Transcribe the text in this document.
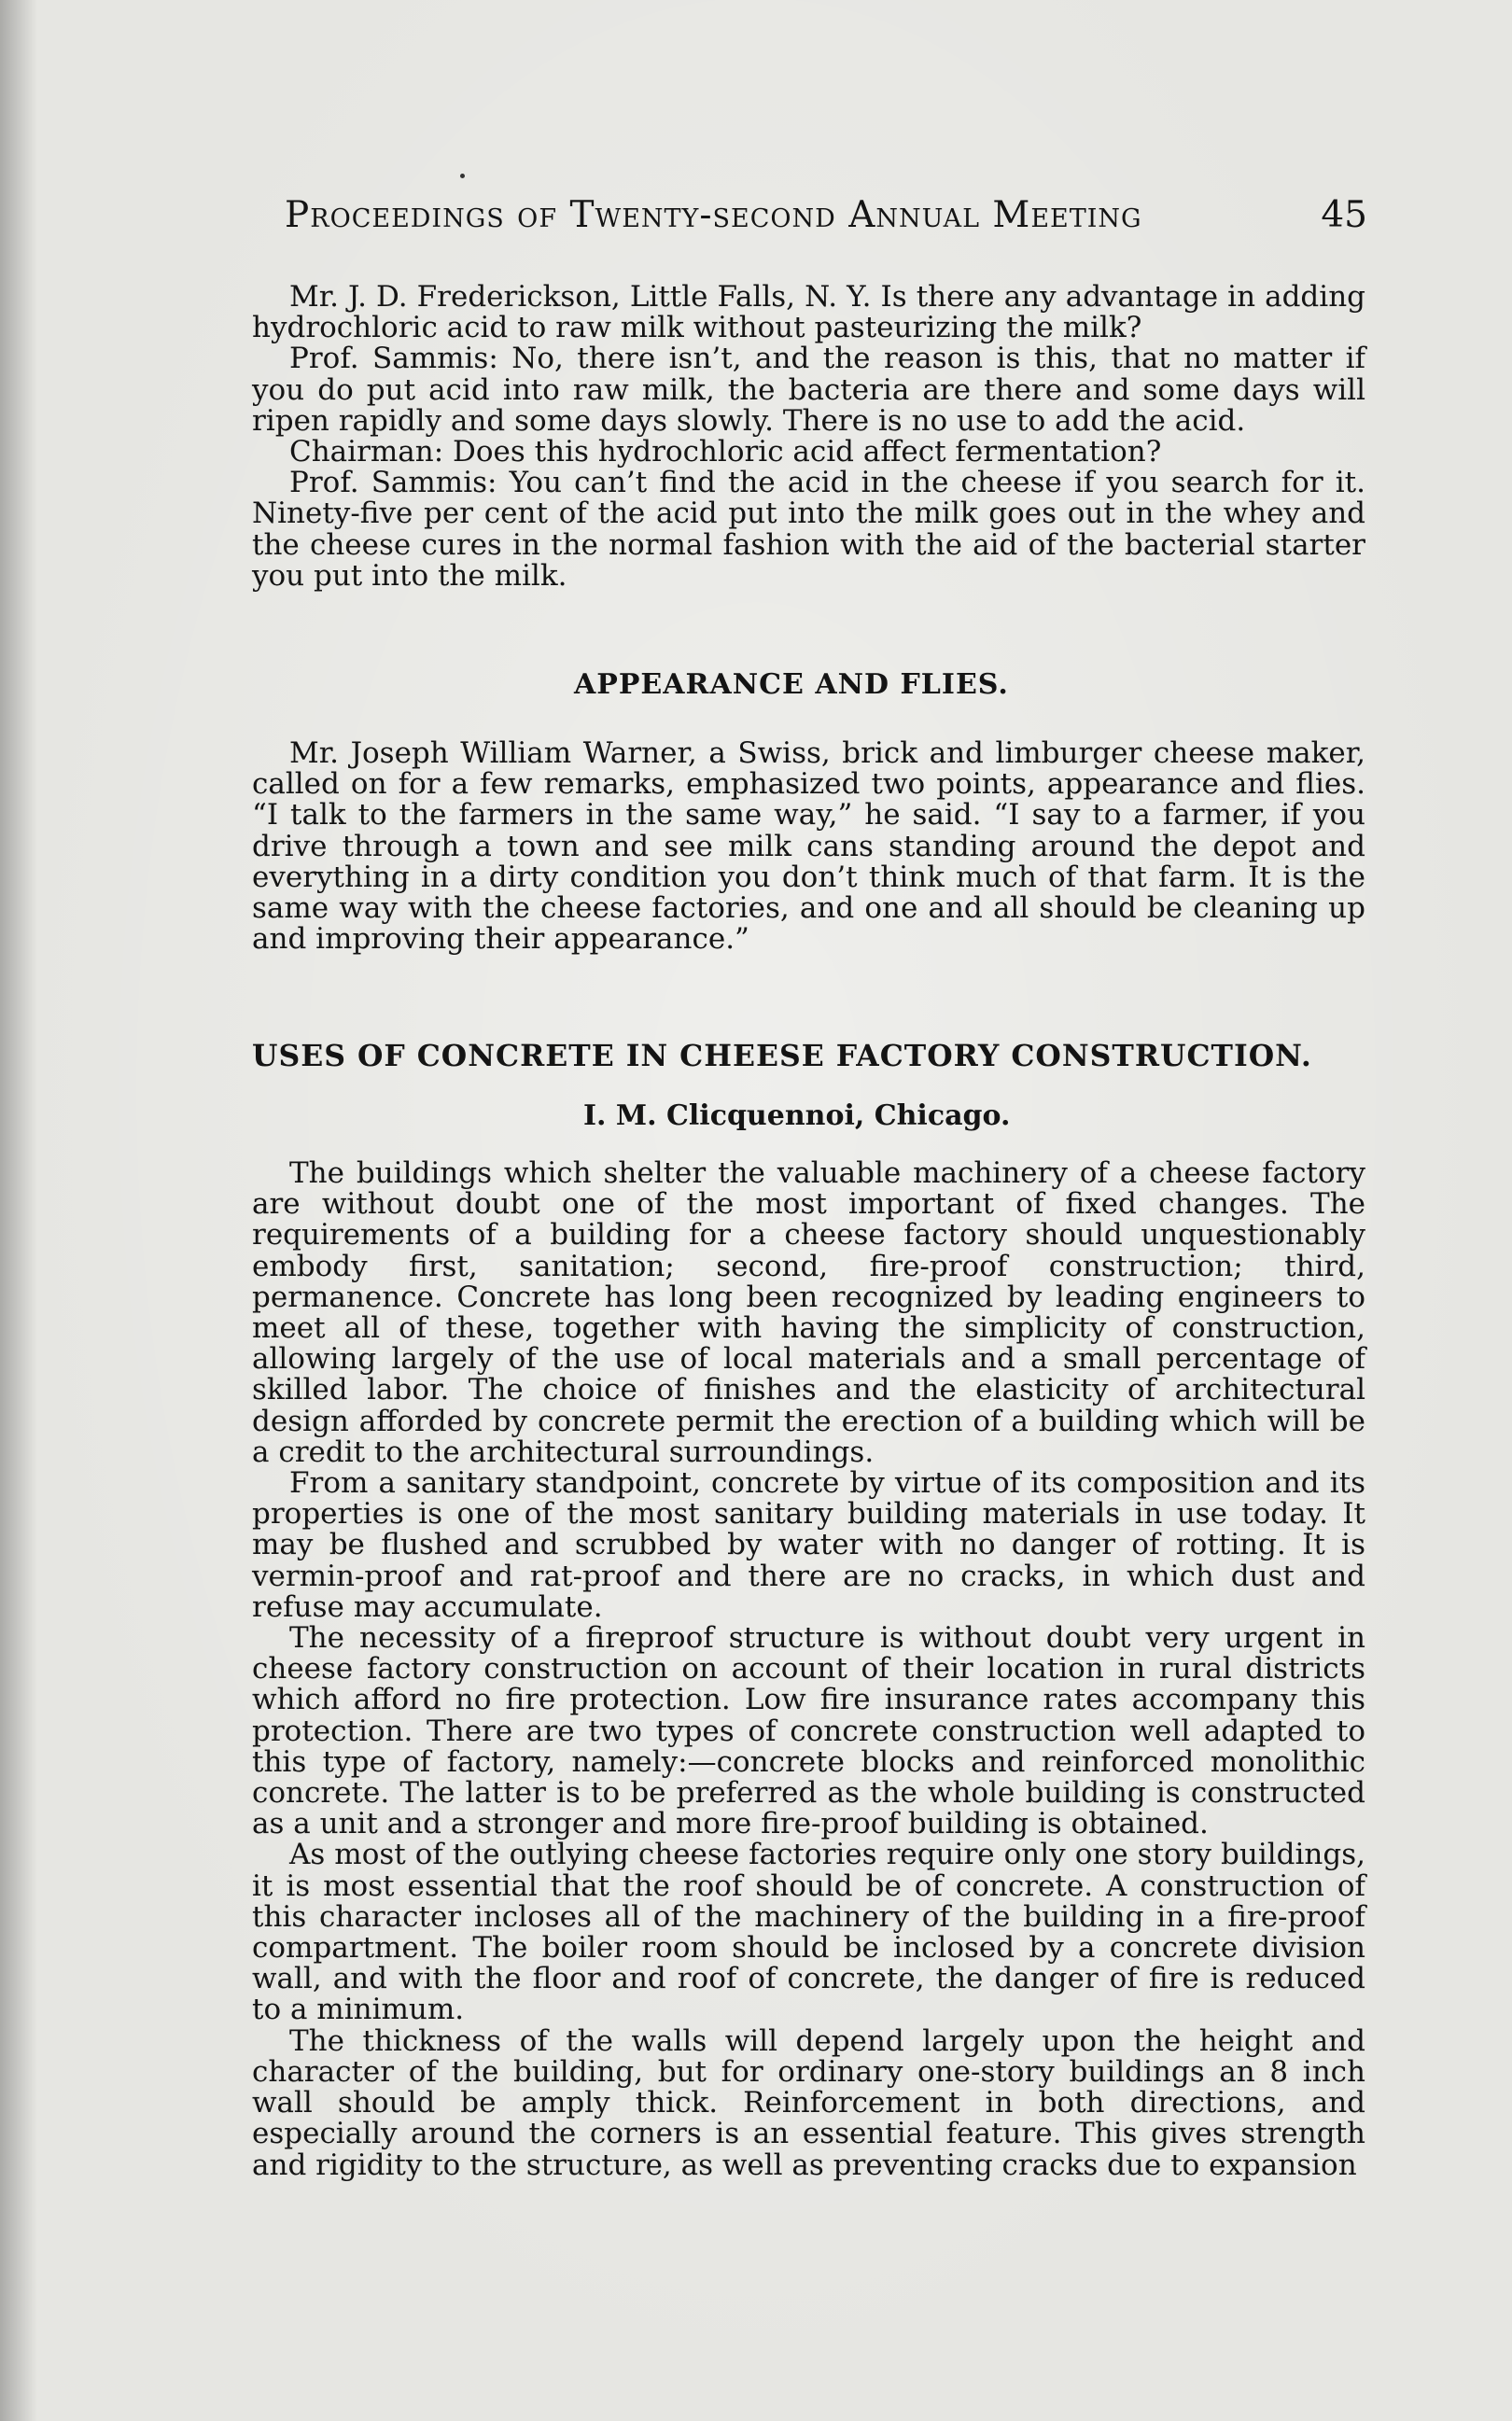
Proceedings of Twenty-second Annual Meeting	45

Mr. J. D. Frederickson, Little Falls, N. Y. Is there any advantage in adding hydrochloric acid to raw milk without pasteurizing the milk?

Prof. Sammis: No, there isn’t, and the reason is this, that no matter if you do put acid into raw milk, the bacteria are there and some days will ripen rapidly and some days slowly. There is no use to add the acid.

Chairman: Does this hydrochloric acid affect fermentation?

Prof. Sammis: You can’t find the acid in the cheese if you search for it. Ninety-five per cent of the acid put into the milk goes out in the whey and the cheese cures in the normal fashion with the aid of the bacterial starter you put into the milk.

APPEARANCE AND FLIES.

Mr. Joseph William Warner, a Swiss, brick and limburger cheese maker, called on for a few remarks, emphasized two points, appearance and flies. “I talk to the farmers in the same way,” he said. “I say to a farmer, if you drive through a town and see milk cans standing around the depot and everything in a dirty condition you don’t think much of that farm. It is the same way with the cheese factories, and one and all should be cleaning up and improving their appearance.”

USES OF CONCRETE IN CHEESE FACTORY CONSTRUCTION.
I. M. Clicquennoi, Chicago.

The buildings which shelter the valuable machinery of a cheese factory are without doubt one of the most important of fixed changes. The requirements of a building for a cheese factory should unquestionably embody first, sanitation; second, fire-proof construction; third, permanence. Concrete has long been recognized by leading engineers to meet all of these, together with having the simplicity of construction, allowing largely of the use of local materials and a small percentage of skilled labor. The choice of finishes and the elasticity of architectural design afforded by concrete permit the erection of a building which will be a credit to the architectural surroundings.

From a sanitary standpoint, concrete by virtue of its composition and its properties is one of the most sanitary building materials in use today. It may be flushed and scrubbed by water with no danger of rotting. It is vermin-proof and rat-proof and there are no cracks, in which dust and refuse may accumulate.

The necessity of a fireproof structure is without doubt very urgent in cheese factory construction on account of their location in rural districts which afford no fire protection. Low fire insurance rates accompany this protection. There are two types of concrete construction well adapted to this type of factory, namely:—concrete blocks and reinforced monolithic concrete. The latter is to be preferred as the whole building is constructed as a unit and a stronger and more fire-proof building is obtained.

As most of the outlying cheese factories require only one story buildings, it is most essential that the roof should be of concrete. A construction of this character incloses all of the machinery of the building in a fire-proof compartment. The boiler room should be inclosed by a concrete division wall, and with the floor and roof of concrete, the danger of fire is reduced to a minimum.

The thickness of the walls will depend largely upon the height and character of the building, but for ordinary one-story buildings an 8 inch wall should be amply thick. Reinforcement in both directions, and especially around the corners is an essential feature. This gives strength and rigidity to the structure, as well as preventing cracks due to expansion
